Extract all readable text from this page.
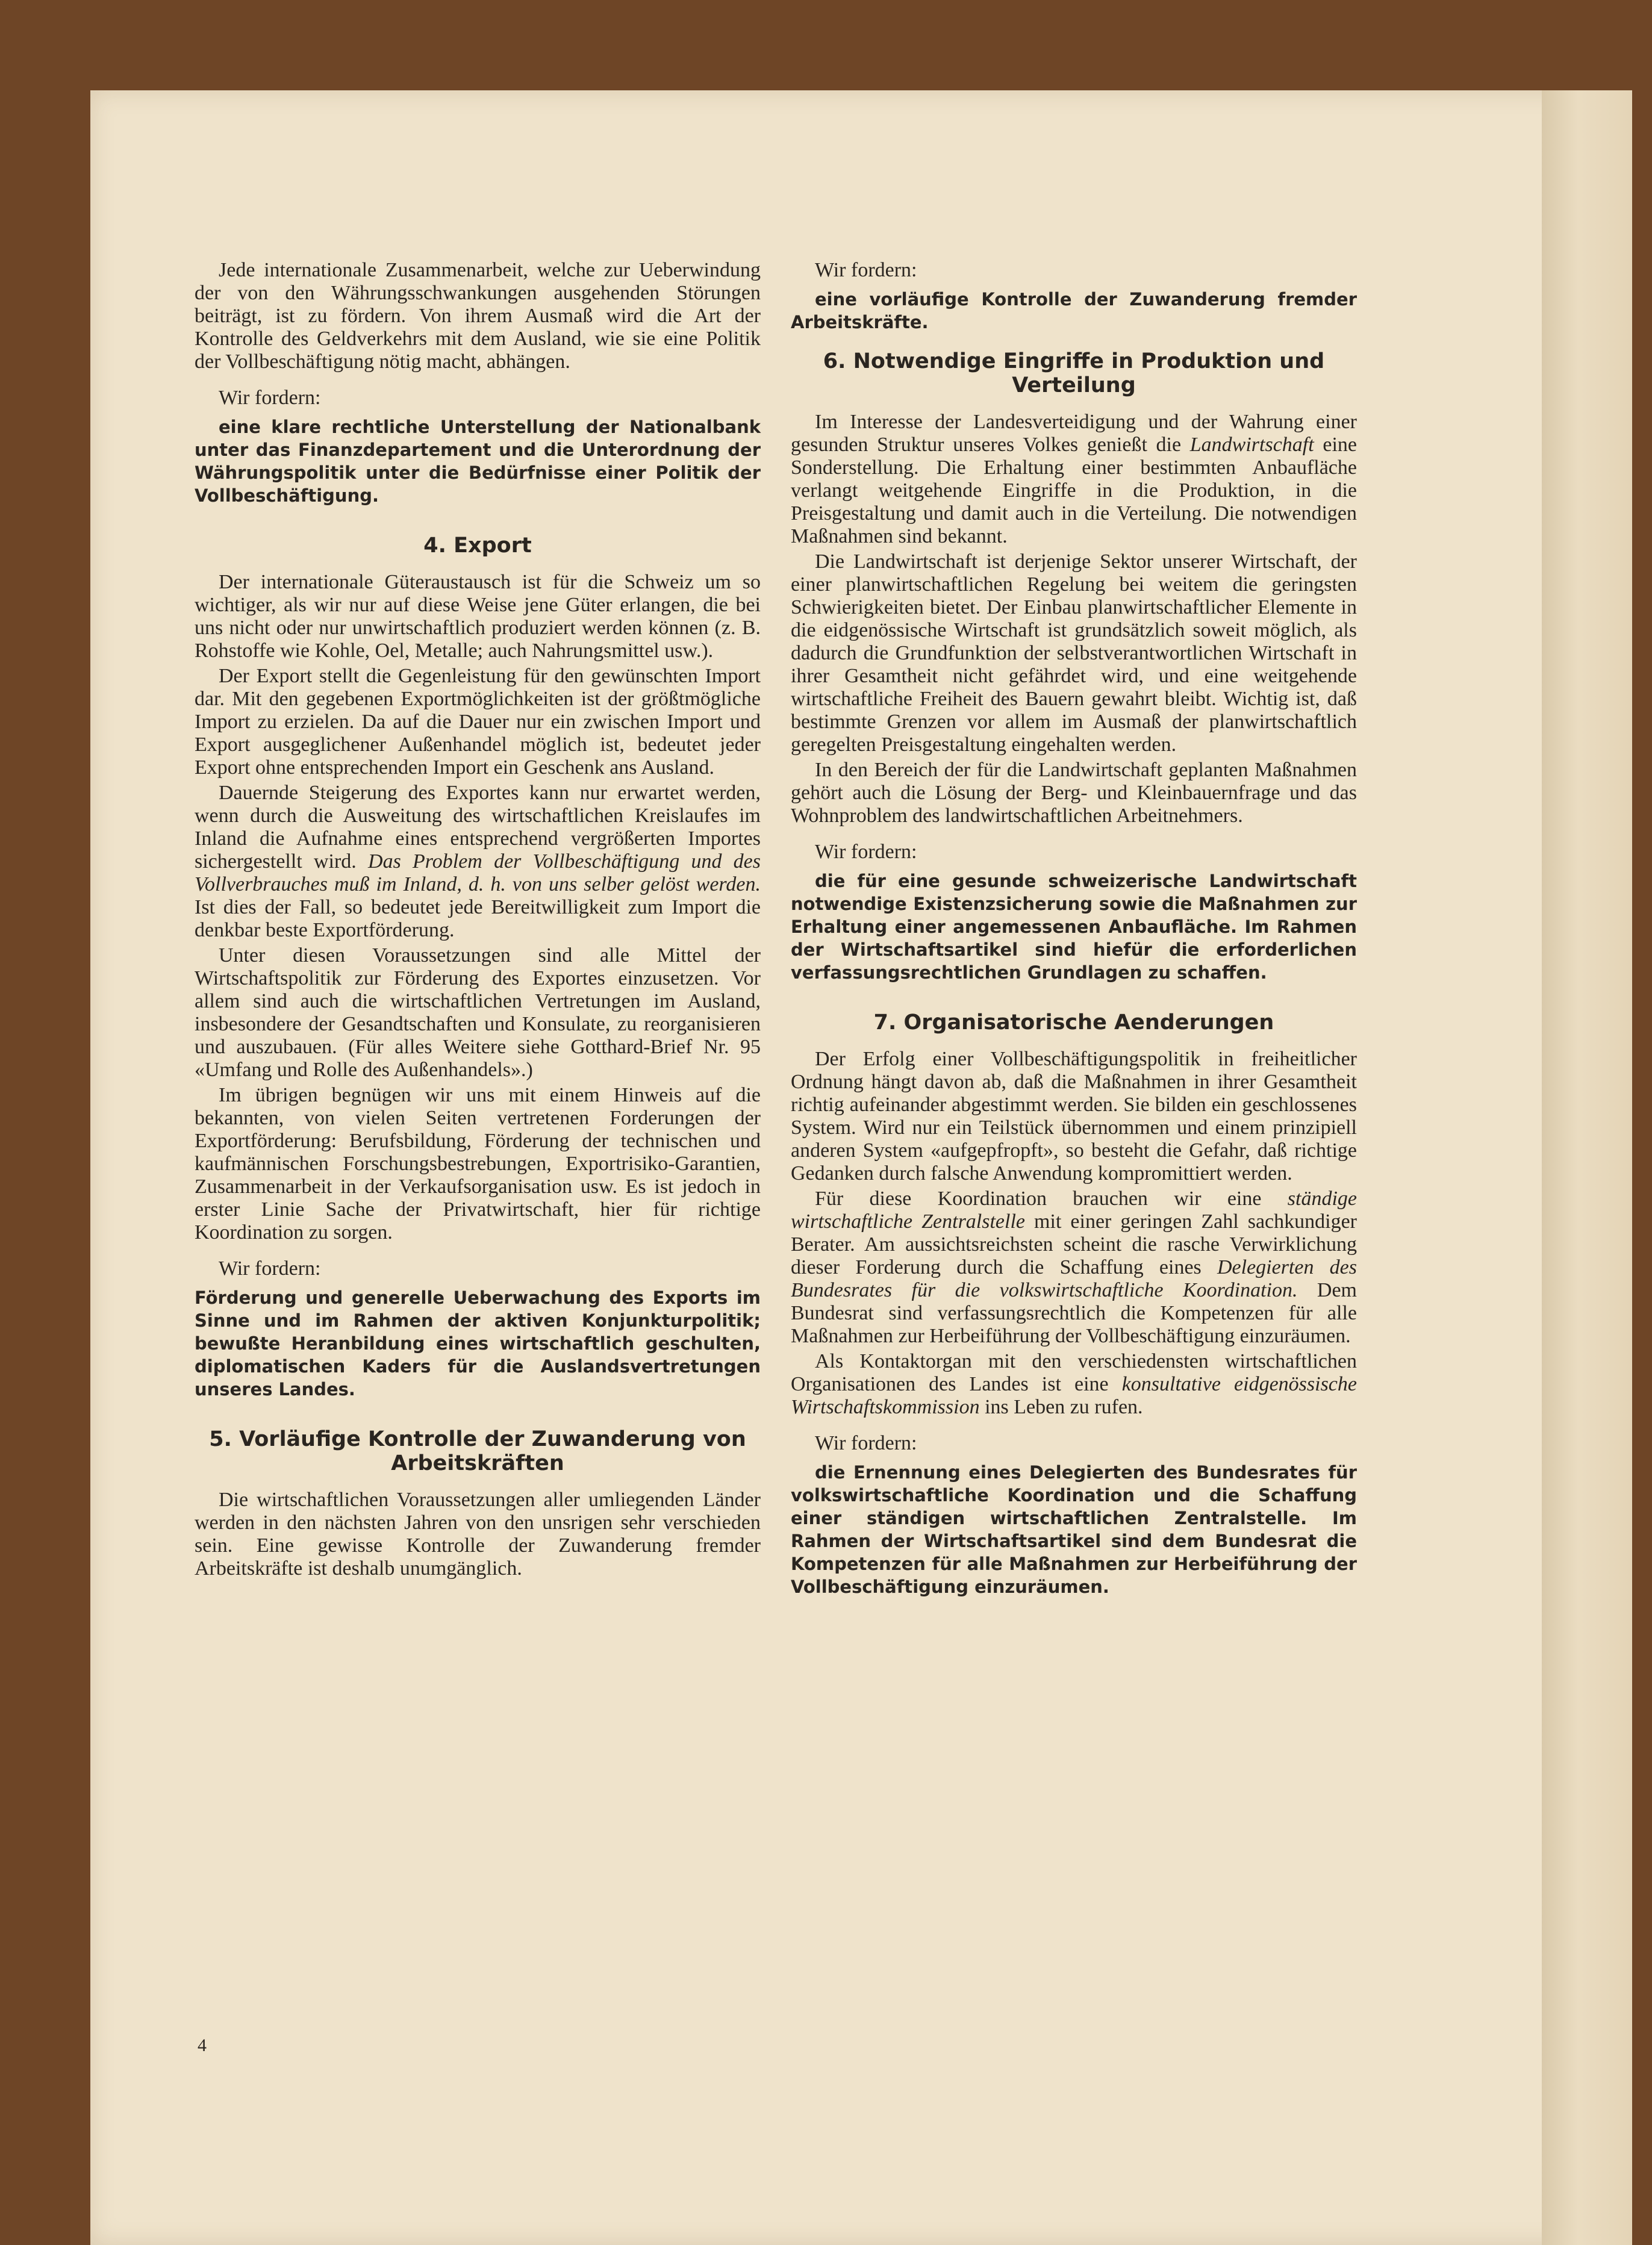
Jede internationale Zusammenarbeit, welche zur Ueberwindung der von den Währungsschwankungen ausgehenden Störungen beiträgt, ist zu fördern. Von ihrem Ausmaß wird die Art der Kontrolle des Geldverkehrs mit dem Ausland, wie sie eine Politik der Vollbeschäftigung nötig macht, abhängen.

Wir fordern:

eine klare rechtliche Unterstellung der Nationalbank unter das Finanzdepartement und die Unterordnung der Währungspolitik unter die Bedürfnisse einer Politik der Vollbeschäftigung.

4. Export

Der internationale Güteraustausch ist für die Schweiz um so wichtiger, als wir nur auf diese Weise jene Güter erlangen, die bei uns nicht oder nur unwirtschaftlich produziert werden können (z. B. Rohstoffe wie Kohle, Oel, Metalle; auch Nahrungsmittel usw.).

Der Export stellt die Gegenleistung für den gewünschten Import dar. Mit den gegebenen Exportmöglichkeiten ist der größtmögliche Import zu erzielen. Da auf die Dauer nur ein zwischen Import und Export ausgeglichener Außenhandel möglich ist, bedeutet jeder Export ohne entsprechenden Import ein Geschenk ans Ausland.

Dauernde Steigerung des Exportes kann nur erwartet werden, wenn durch die Ausweitung des wirtschaftlichen Kreislaufes im Inland die Aufnahme eines entsprechend vergrößerten Importes sichergestellt wird. Das Problem der Vollbeschäftigung und des Vollverbrauches muß im Inland, d. h. von uns selber gelöst werden. Ist dies der Fall, so bedeutet jede Bereitwilligkeit zum Import die denkbar beste Exportförderung.

Unter diesen Voraussetzungen sind alle Mittel der Wirtschaftspolitik zur Förderung des Exportes einzusetzen. Vor allem sind auch die wirtschaftlichen Vertretungen im Ausland, insbesondere der Gesandtschaften und Konsulate, zu reorganisieren und auszubauen. (Für alles Weitere siehe Gotthard-Brief Nr. 95 «Umfang und Rolle des Außenhandels».)

Im übrigen begnügen wir uns mit einem Hinweis auf die bekannten, von vielen Seiten vertretenen Forderungen der Exportförderung: Berufsbildung, Förderung der technischen und kaufmännischen Forschungsbestrebungen, Exportrisiko-Garantien, Zusammenarbeit in der Verkaufsorganisation usw. Es ist jedoch in erster Linie Sache der Privatwirtschaft, hier für richtige Koordination zu sorgen.

Wir fordern:

Förderung und generelle Ueberwachung des Exports im Sinne und im Rahmen der aktiven Konjunkturpolitik; bewußte Heranbildung eines wirtschaftlich geschulten, diplomatischen Kaders für die Auslandsvertretungen unseres Landes.

5. Vorläufige Kontrolle der Zuwanderung von Arbeitskräften

Die wirtschaftlichen Voraussetzungen aller umliegenden Länder werden in den nächsten Jahren von den unsrigen sehr verschieden sein. Eine gewisse Kontrolle der Zuwanderung fremder Arbeitskräfte ist deshalb unumgänglich.

Wir fordern:

eine vorläufige Kontrolle der Zuwanderung fremder Arbeitskräfte.

6. Notwendige Eingriffe in Produktion und Verteilung

Im Interesse der Landesverteidigung und der Wahrung einer gesunden Struktur unseres Volkes genießt die Landwirtschaft eine Sonderstellung. Die Erhaltung einer bestimmten Anbaufläche verlangt weitgehende Eingriffe in die Produktion, in die Preisgestaltung und damit auch in die Verteilung. Die notwendigen Maßnahmen sind bekannt.

Die Landwirtschaft ist derjenige Sektor unserer Wirtschaft, der einer planwirtschaftlichen Regelung bei weitem die geringsten Schwierigkeiten bietet. Der Einbau planwirtschaftlicher Elemente in die eidgenössische Wirtschaft ist grundsätzlich soweit möglich, als dadurch die Grundfunktion der selbstverantwortlichen Wirtschaft in ihrer Gesamtheit nicht gefährdet wird, und eine weitgehende wirtschaftliche Freiheit des Bauern gewahrt bleibt. Wichtig ist, daß bestimmte Grenzen vor allem im Ausmaß der planwirtschaftlich geregelten Preisgestaltung eingehalten werden.

In den Bereich der für die Landwirtschaft geplanten Maßnahmen gehört auch die Lösung der Berg- und Kleinbauernfrage und das Wohnproblem des landwirtschaftlichen Arbeitnehmers.

Wir fordern:

die für eine gesunde schweizerische Landwirtschaft notwendige Existenzsicherung sowie die Maßnahmen zur Erhaltung einer angemessenen Anbaufläche. Im Rahmen der Wirtschaftsartikel sind hiefür die erforderlichen verfassungsrechtlichen Grundlagen zu schaffen.

7. Organisatorische Aenderungen

Der Erfolg einer Vollbeschäftigungspolitik in freiheitlicher Ordnung hängt davon ab, daß die Maßnahmen in ihrer Gesamtheit richtig aufeinander abgestimmt werden. Sie bilden ein geschlossenes System. Wird nur ein Teilstück übernommen und einem prinzipiell anderen System «aufgepfropft», so besteht die Gefahr, daß richtige Gedanken durch falsche Anwendung kompromittiert werden.

Für diese Koordination brauchen wir eine ständige wirtschaftliche Zentralstelle mit einer geringen Zahl sachkundiger Berater. Am aussichtsreichsten scheint die rasche Verwirklichung dieser Forderung durch die Schaffung eines Delegierten des Bundesrates für die volkswirtschaftliche Koordination. Dem Bundesrat sind verfassungsrechtlich die Kompetenzen für alle Maßnahmen zur Herbeiführung der Vollbeschäftigung einzuräumen.

Als Kontaktorgan mit den verschiedensten wirtschaftlichen Organisationen des Landes ist eine konsultative eidgenössische Wirtschaftskommission ins Leben zu rufen.

Wir fordern:

die Ernennung eines Delegierten des Bundesrates für volkswirtschaftliche Koordination und die Schaffung einer ständigen wirtschaftlichen Zentralstelle. Im Rahmen der Wirtschaftsartikel sind dem Bundesrat die Kompetenzen für alle Maßnahmen zur Herbeiführung der Vollbeschäftigung einzuräumen.

4
